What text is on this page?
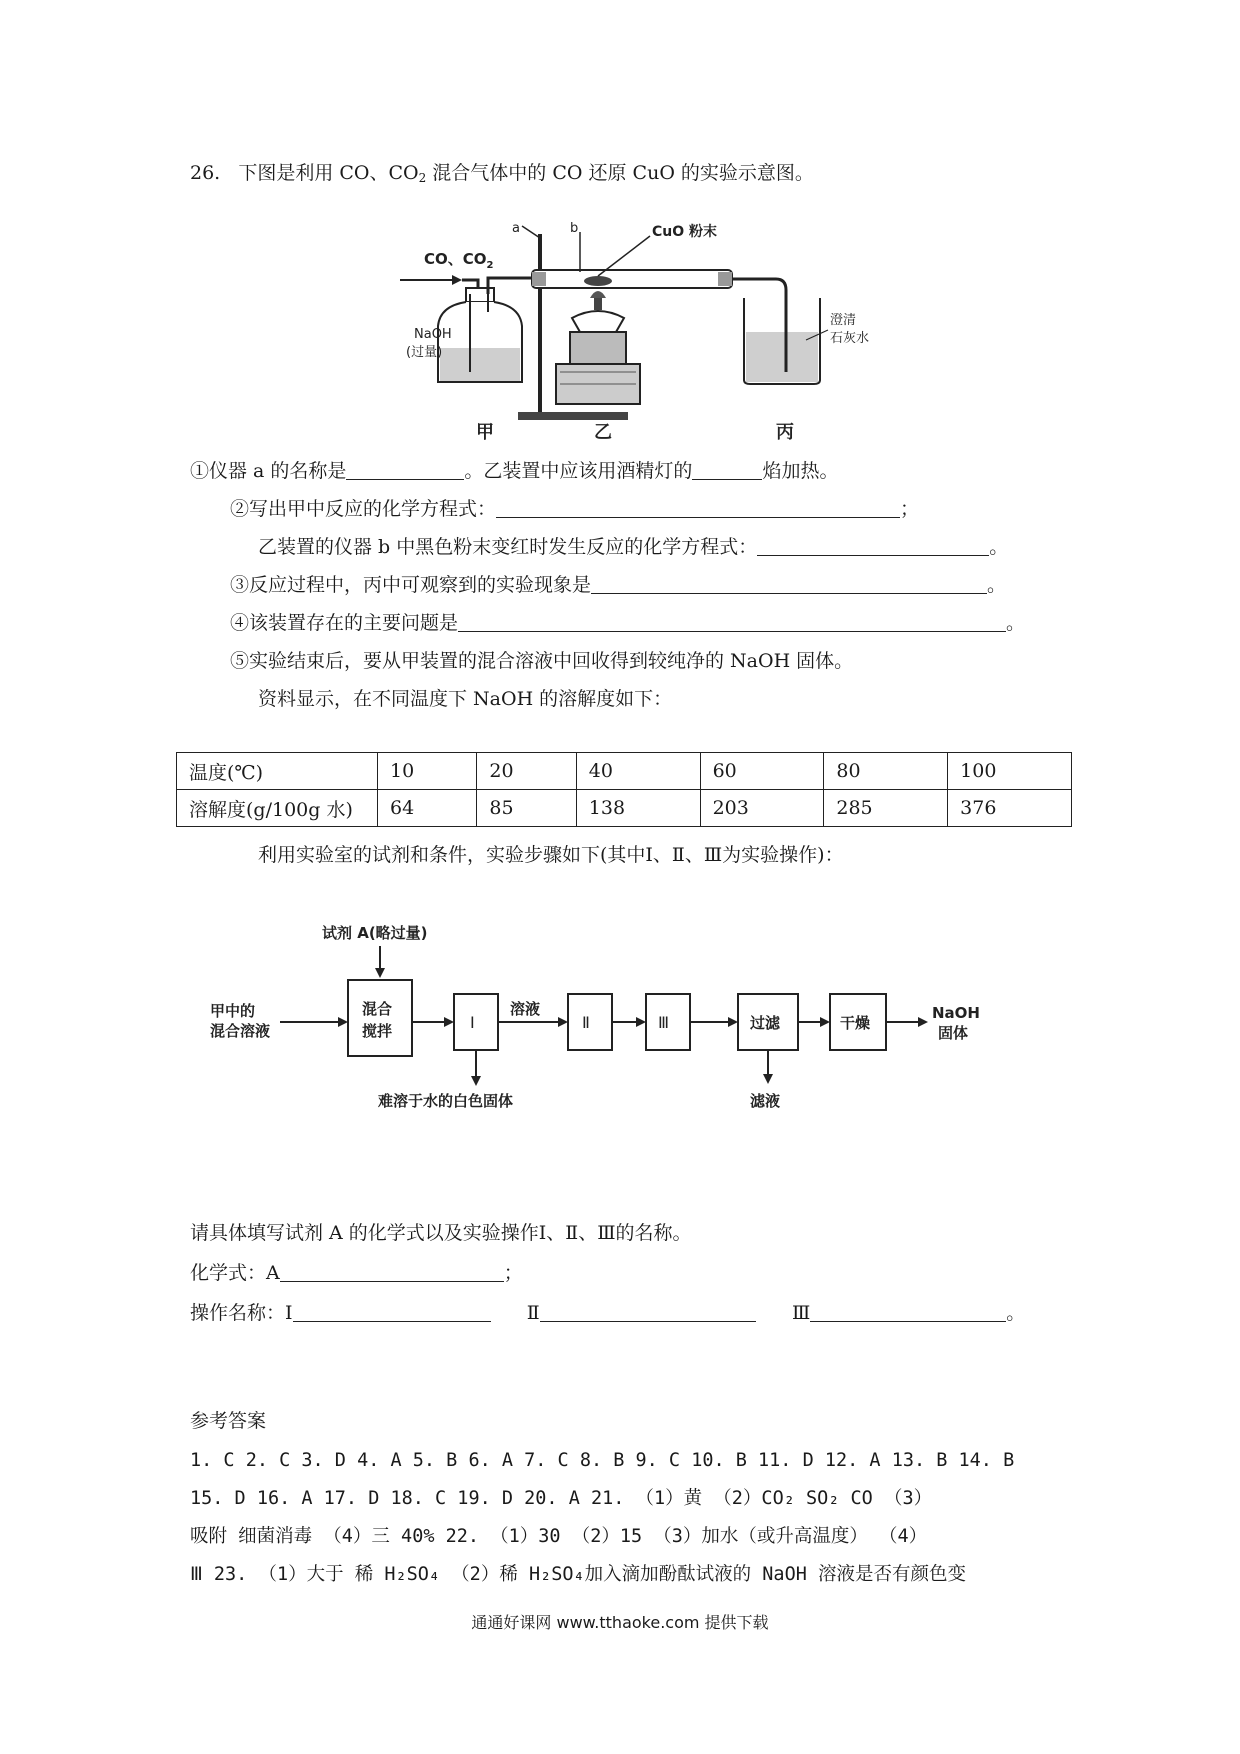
26. 下图是利用 CO、$CO_2$ 混合气体中的 CO 还原 CuO 的实验示意图。
CO、$CO_2$
NaOH
(过量)
a	b	CuO 粉末
澄清
石灰水
甲	乙	丙
①仪器 a 的名称是	。乙装置中应该用酒精灯的	焰加热。
②写出甲中反应的化学方程式：	；
乙装置的仪器 b 中黑色粉末变红时发生反应的化学方程式：	。
③反应过程中，丙中可观察到的实验现象是	。
④该装置存在的主要问题是	。
⑤实验结束后，要从甲装置的混合溶液中回收得到较纯净的 NaOH 固体。
资料显示，在不同温度下 NaOH 的溶解度如下：
温度(℃)	10	20	40	60	80	100
溶解度(g/100g 水)	64	85	138	203	285	376
利用实验室的试剂和条件，实验步骤如下(其中Ⅰ、Ⅱ、Ⅲ为实验操作)：
试剂 A(略过量)
甲中的
混合溶液
混合
搅拌	Ⅰ
难溶于水的白色固体
溶液
Ⅱ	Ⅲ	过滤
滤液
干燥
NaOH
固体
请具体填写试剂 A 的化学式以及实验操作Ⅰ、Ⅱ、Ⅲ的名称。
化学式：A	；
操作名称：Ⅰ	Ⅱ	Ⅲ	。
参考答案
1. C 2. C 3. D 4. A 5. B 6. A 7. C 8. B 9. C 10. B 11. D 12. A 13. B 14. B
15. D 16. A 17. D 18. C 19. D 20. A 21. （1）黄 （2）CO₂ SO₂ CO （3）
吸附 细菌消毒 （4）三 40% 22. （1）30 （2）15 （3）加水（或升高温度） （4）
Ⅲ 23. （1）大于 稀 H₂SO₄ （2）稀 H₂SO₄加入滴加酚酞试液的 NaOH 溶液是否有颜色变
通通好课网 www.tthaoke.com 提供下载
